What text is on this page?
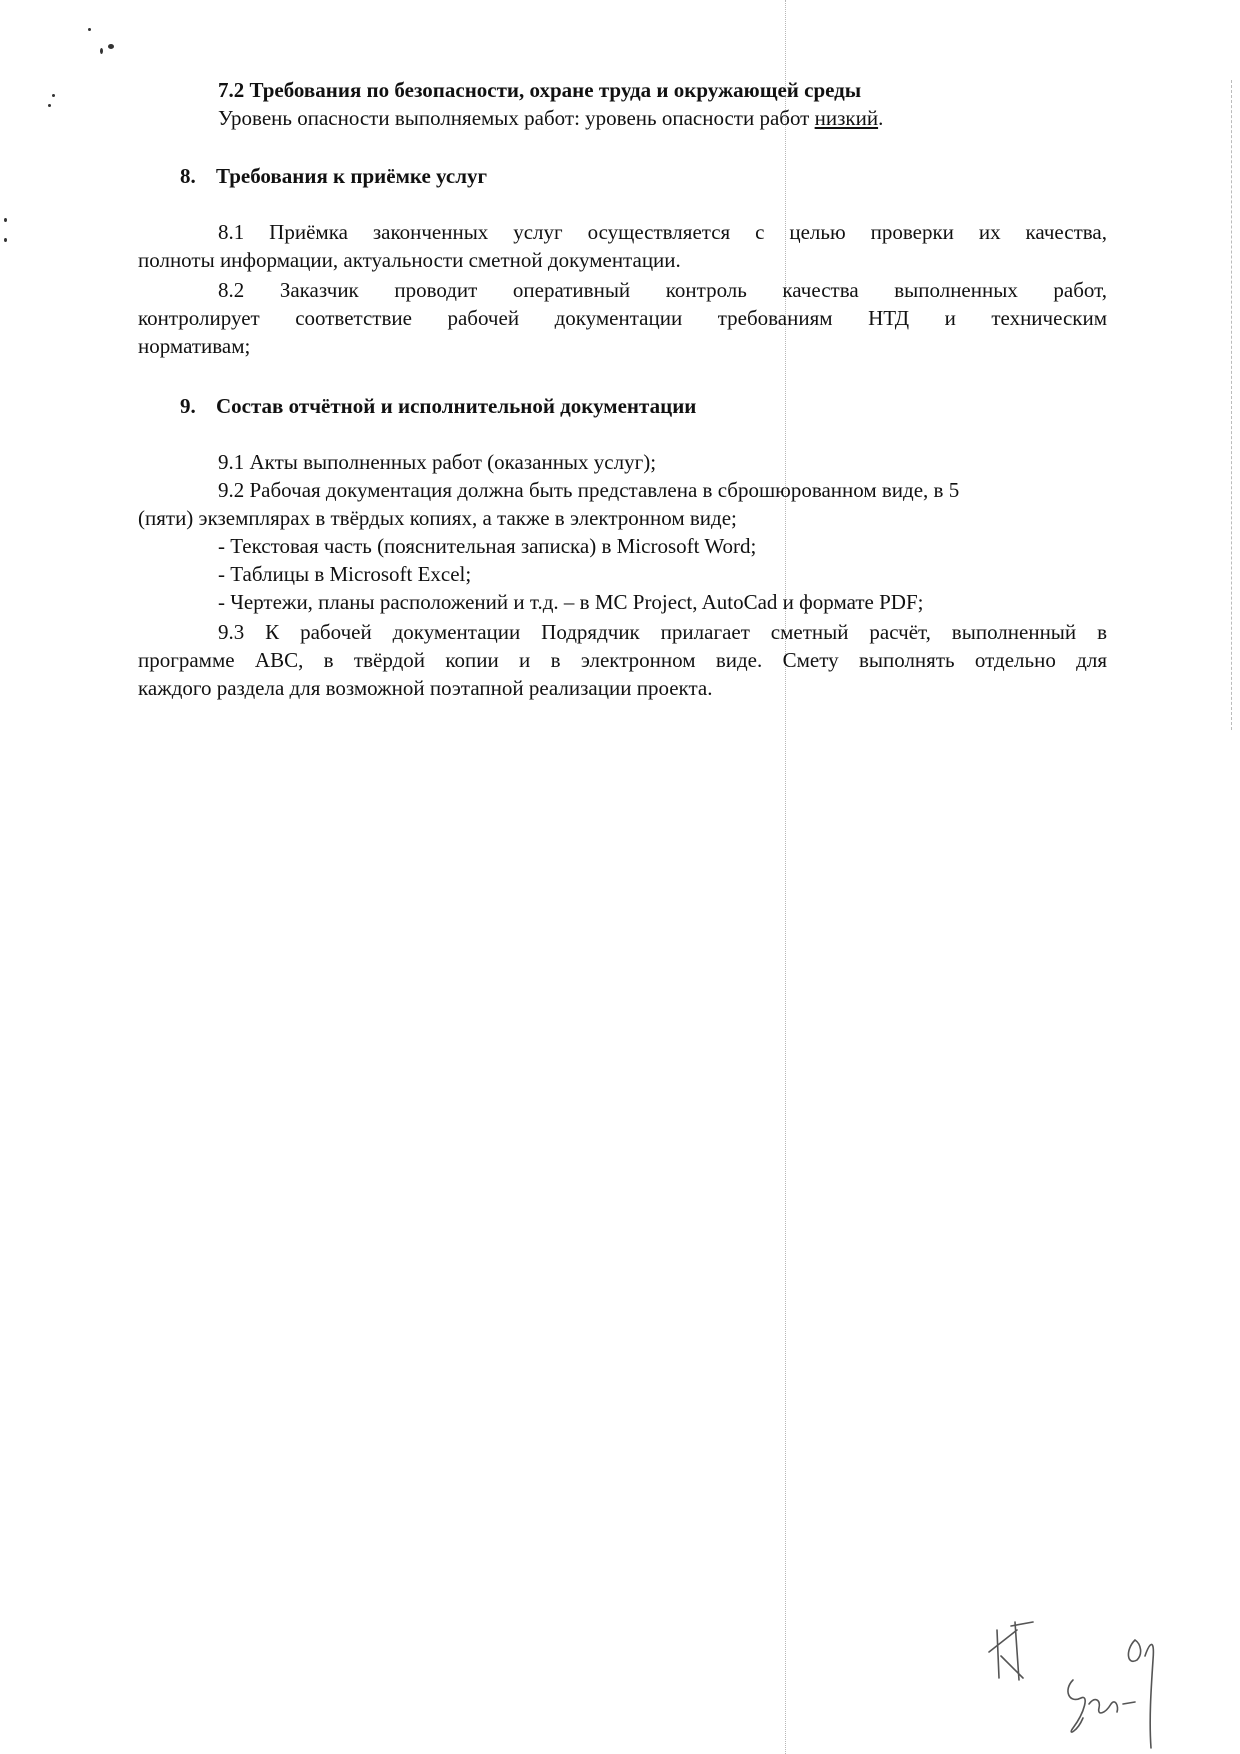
7.2 Требования по безопасности, охране труда и окружающей среды
Уровень опасности выполняемых работ: уровень опасности работ низкий.
8. Требования к приёмке услуг
8.1 Приёмка законченных услуг осуществляется с целью проверки их качества,
полноты информации, актуальности сметной документации.
8.2 Заказчик проводит оперативный контроль качества выполненных работ,
контролирует соответствие рабочей документации требованиям НТД и техническим
нормативам;
9. Состав отчётной и исполнительной документации
9.1 Акты выполненных работ (оказанных услуг);
9.2 Рабочая документация должна быть представлена в сброшюрованном виде, в 5
(пяти) экземплярах в твёрдых копиях, а также в электронном виде;
- Текстовая часть (пояснительная записка) в Microsoft Word;
- Таблицы в Microsoft Excel;
- Чертежи, планы расположений и т.д. – в MC Project, AutoCad и формате PDF;
9.3 К рабочей документации Подрядчик прилагает сметный расчёт, выполненный в
программе АВС, в твёрдой копии и в электронном виде. Смету выполнять отдельно для
каждого раздела для возможной поэтапной реализации проекта.
